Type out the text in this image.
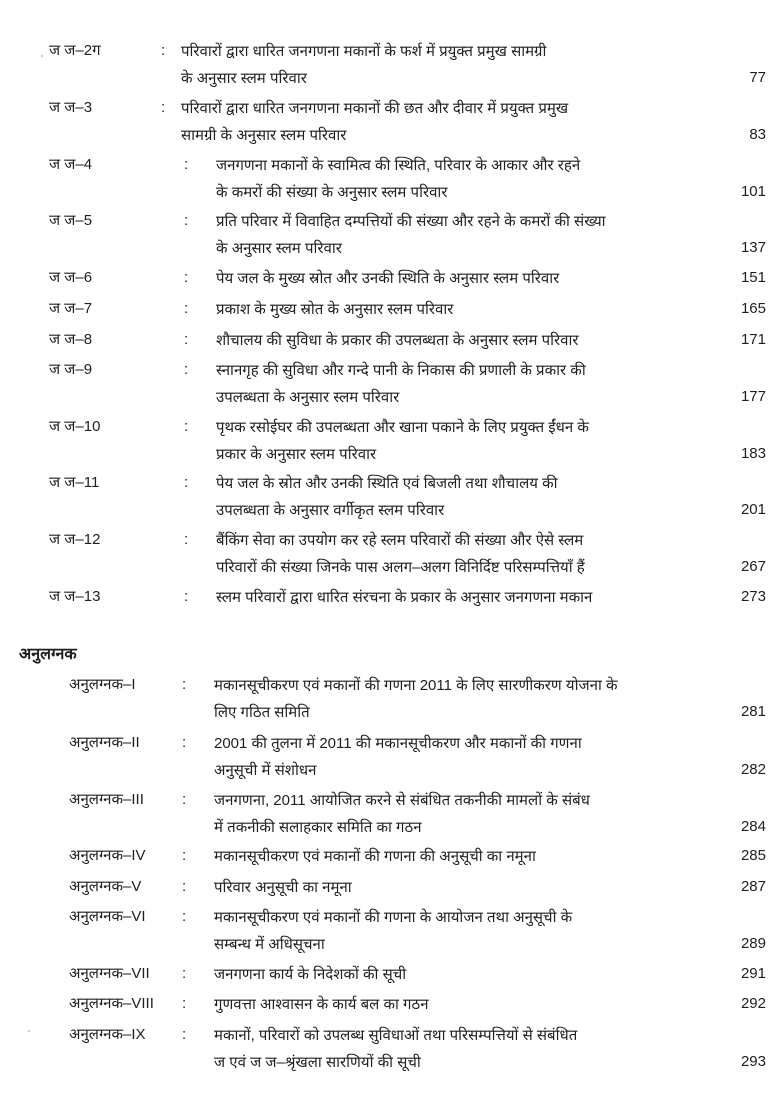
ज ज–2ग	: परिवारों द्वारा धारित जनगणना मकानों के फर्श में प्रयुक्त प्रमुख सामग्री
के अनुसार स्लम परिवार	77
ज ज–3	: परिवारों द्वारा धारित जनगणना मकानों की छत और दीवार में प्रयुक्त प्रमुख
सामग्री के अनुसार स्लम परिवार	83
ज ज–4	: जनगणना मकानों के स्वामित्व की स्थिति, परिवार के आकार और रहने
के कमरों की संख्या के अनुसार स्लम परिवार	101
ज ज–5	: प्रति परिवार में विवाहित दम्पत्तियों की संख्या और रहने के कमरों की संख्या
के अनुसार स्लम परिवार	137
ज ज–6	: पेय जल के मुख्य स्रोत और उनकी स्थिति के अनुसार स्लम परिवार	151
ज ज–7	: प्रकाश के मुख्य स्रोत के अनुसार स्लम परिवार	165
ज ज–8	: शौचालय की सुविधा के प्रकार की उपलब्धता के अनुसार स्लम परिवार	171
ज ज–9	: स्नानगृह की सुविधा और गन्दे पानी के निकास की प्रणाली के प्रकार की
उपलब्धता के अनुसार स्लम परिवार	177
ज ज–10	: पृथक रसोईघर की उपलब्धता और खाना पकाने के लिए प्रयुक्त ईंधन के
प्रकार के अनुसार स्लम परिवार	183
ज ज–11	: पेय जल के स्रोत और उनकी स्थिति एवं बिजली तथा शौचालय की
उपलब्धता के अनुसार वर्गीकृत स्लम परिवार	201
ज ज–12	: बैंकिंग सेवा का उपयोग कर रहे स्लम परिवारों की संख्या और ऐसे स्लम
परिवारों की संख्या जिनके पास अलग–अलग विनिर्दिष्ट परिसम्पत्तियाँ हैं	267
ज ज–13	: स्लम परिवारों द्वारा धारित संरचना के प्रकार के अनुसार जनगणना मकान	273
अनुलग्नक
अनुलग्नक–I	: मकानसूचीकरण एवं मकानों की गणना 2011 के लिए सारणीकरण योजना के
लिए गठित समिति	281
अनुलग्नक–II	: 2001 की तुलना में 2011 की मकानसूचीकरण और मकानों की गणना
अनुसूची में संशोधन	282
अनुलग्नक–III	: जनगणना, 2011 आयोजित करने से संबंधित तकनीकी मामलों के संबंध
में तकनीकी सलाहकार समिति का गठन	284
अनुलग्नक–IV : मकानसूचीकरण एवं मकानों की गणना की अनुसूची का नमूना	285
अनुलग्नक–V	: परिवार अनुसूची का नमूना	287
अनुलग्नक–VI : मकानसूचीकरण एवं मकानों की गणना के आयोजन तथा अनुसूची के
सम्बन्ध में अधिसूचना	289
अनुलग्नक–VII : जनगणना कार्य के निदेशकों की सूची	291
अनुलग्नक–VIII : गुणवत्ता आश्वासन के कार्य बल का गठन	292
अनुलग्नक–IX : मकानों, परिवारों को उपलब्ध सुविधाओं तथा परिसम्पत्तियों से संबंधित
ज एवं ज ज–श्रृंखला सारणियों की सूची	293
